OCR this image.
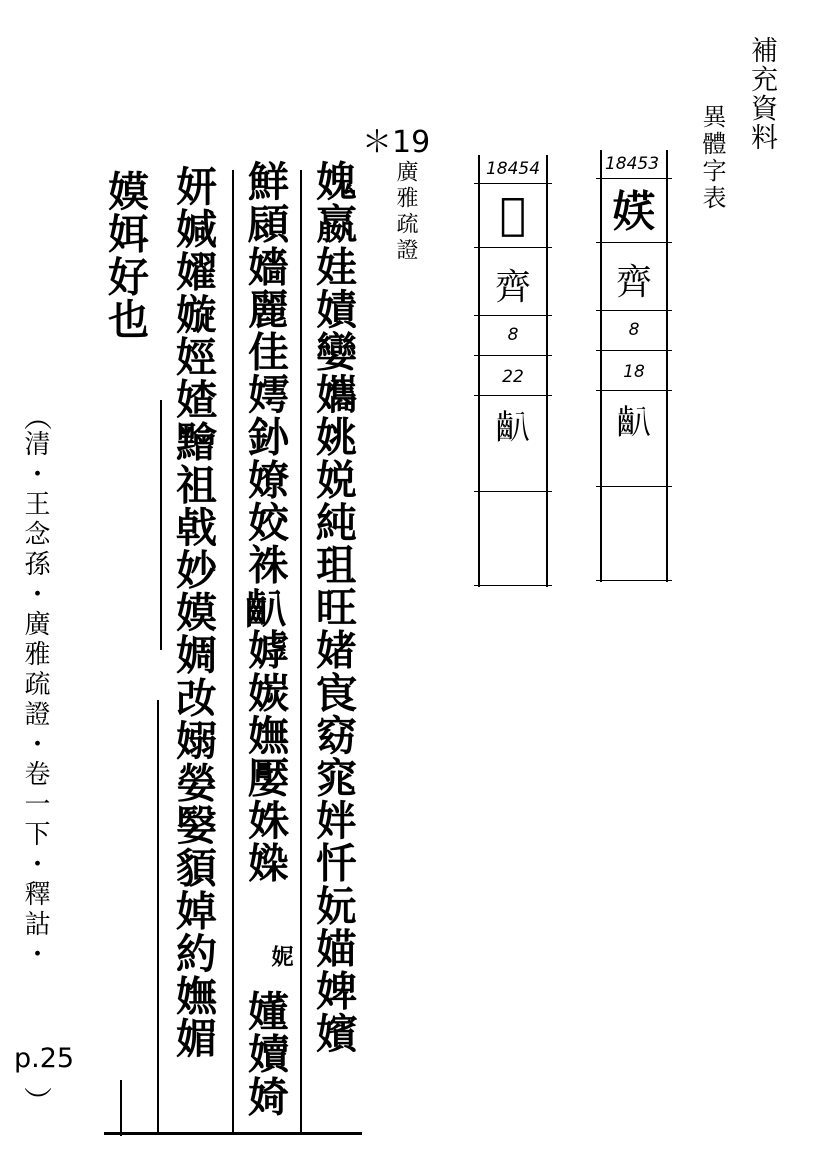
補充資料
異體字表
＊19
廣雅疏證	18453
𡝩
齊
8
18
𪗔
18454
𡟧
齊
8
22
𪗔
媿嬴娃嫧孌孈姚娧純珇旺媎㝗窈窕姅忏妧媌婢嬪
鮮䫃嬙麗佳嫮釥嫽姣祩𪗔嫭㛶嫵嬮姝媣
妮
嬞嬻婍
妍㛾嬥嫙娙㜁䵳祖㦸妙嫫婤妀嫋嫈嫛䫉婥約嫵媚
嫫㛅好也
︵
清・王念孫・廣雅疏證・卷一下・釋詁・
p.25
︶
